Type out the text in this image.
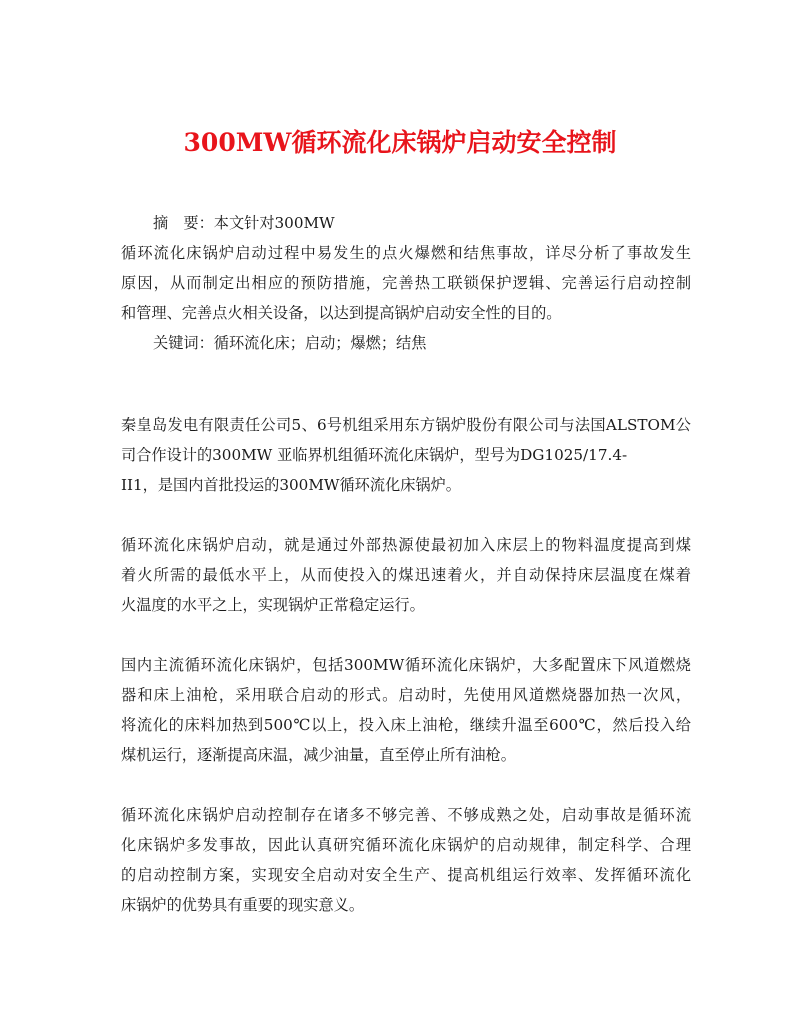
300MW循环流化床锅炉启动安全控制
摘　要：本文针对300MW
循环流化床锅炉启动过程中易发生的点火爆燃和结焦事故，详尽分析了事故发生
原因，从而制定出相应的预防措施，完善热工联锁保护逻辑、完善运行启动控制
和管理、完善点火相关设备，以达到提高锅炉启动安全性的目的。
关键词：循环流化床；启动；爆燃；结焦
秦皇岛发电有限责任公司5、6号机组采用东方锅炉股份有限公司与法国ALSTOM公
司合作设计的300MW 亚临界机组循环流化床锅炉，型号为DG1025/17.4-
II1，是国内首批投运的300MW循环流化床锅炉。
循环流化床锅炉启动，就是通过外部热源使最初加入床层上的物料温度提高到煤
着火所需的最低水平上，从而使投入的煤迅速着火，并自动保持床层温度在煤着
火温度的水平之上，实现锅炉正常稳定运行。
国内主流循环流化床锅炉，包括300MW循环流化床锅炉，大多配置床下风道燃烧
器和床上油枪，采用联合启动的形式。启动时，先使用风道燃烧器加热一次风，
将流化的床料加热到500℃以上，投入床上油枪，继续升温至600℃，然后投入给
煤机运行，逐渐提高床温，减少油量，直至停止所有油枪。
循环流化床锅炉启动控制存在诸多不够完善、不够成熟之处，启动事故是循环流
化床锅炉多发事故，因此认真研究循环流化床锅炉的启动规律，制定科学、合理
的启动控制方案，实现安全启动对安全生产、提高机组运行效率、发挥循环流化
床锅炉的优势具有重要的现实意义。
